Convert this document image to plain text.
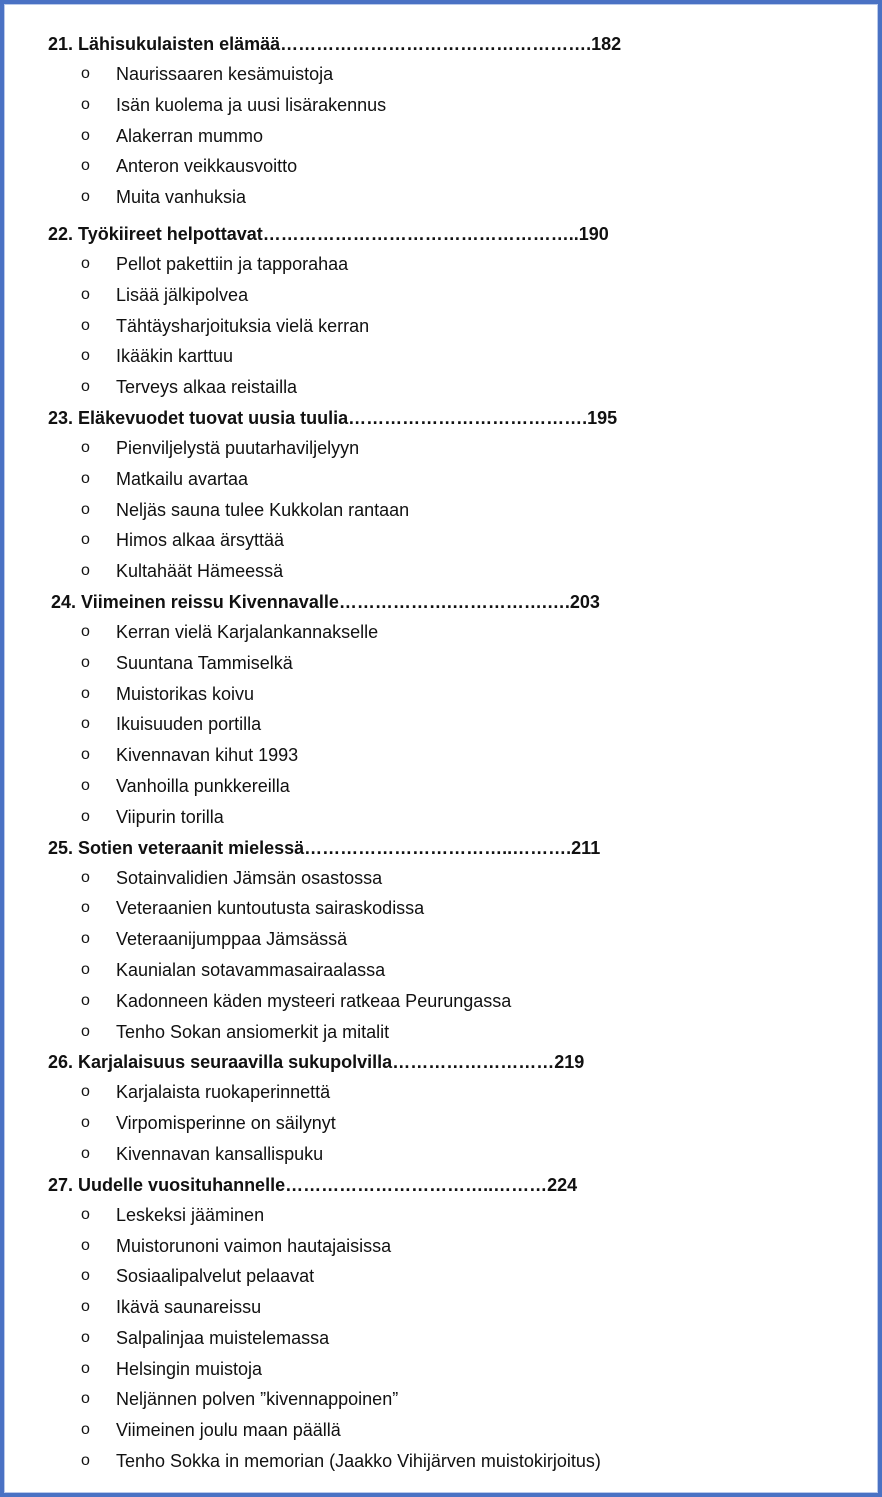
21. Lähisukulaisten elämää…………………………………………….182
o Naurissaaren kesämuistoja
o Isän kuolema ja uusi lisärakennus
o Alakerran mummo
o Anteron veikkausvoitto
o Muita vanhuksia
22. Työkiireet helpottavat……………………………………………..190
o Pellot pakettiin ja tapporahaa
o Lisää jälkipolvea
o Tähtäysharjoituksia vielä kerran
o Ikääkin karttuu
o Terveys alkaa reistailla
23. Eläkevuodet tuovat uusia tuulia………………………………….195
o Pienviljelystä puutarhaviljelyyn
o Matkailu avartaa
o Neljäs sauna tulee Kukkolan rantaan
o Himos alkaa ärsyttää
o Kultahäät Hämeessä
24. Viimeinen reissu Kivennavalle……………….…………….….203
o Kerran vielä Karjalankannakselle
o Suuntana Tammiselkä
o Muistorikas koivu
o Ikuisuuden portilla
o Kivennavan kihut 1993
o Vanhoilla punkkereilla
o Viipurin torilla
25. Sotien veteraanit mielessä……………………………..……….211
o Sotainvalidien Jämsän osastossa
o Veteraanien kuntoutusta sairaskodissa
o Veteraanijumppaa Jämsässä
o Kaunialan sotavammasairaalassa
o Kadonneen käden mysteeri ratkeaa Peurungassa
o Tenho Sokan ansiomerkit ja mitalit
26. Karjalaisuus seuraavilla sukupolvilla………………………219
o Karjalaista ruokaperinnettä
o Virpomisperinne on säilynyt
o Kivennavan kansallispuku
27. Uudelle vuosituhannelle……………………………..………224
o Leskeksi jääminen
o Muistorunoni vaimon hautajaisissa
o Sosiaalipalvelut pelaavat
o Ikävä saunareissu
o Salpalinjaa muistelemassa
o Helsingin muistoja
o Neljännen polven ”kivennappoinen”
o Viimeinen joulu maan päällä
o Tenho Sokka in memorian (Jaakko Vihijärven muistokirjoitus)
